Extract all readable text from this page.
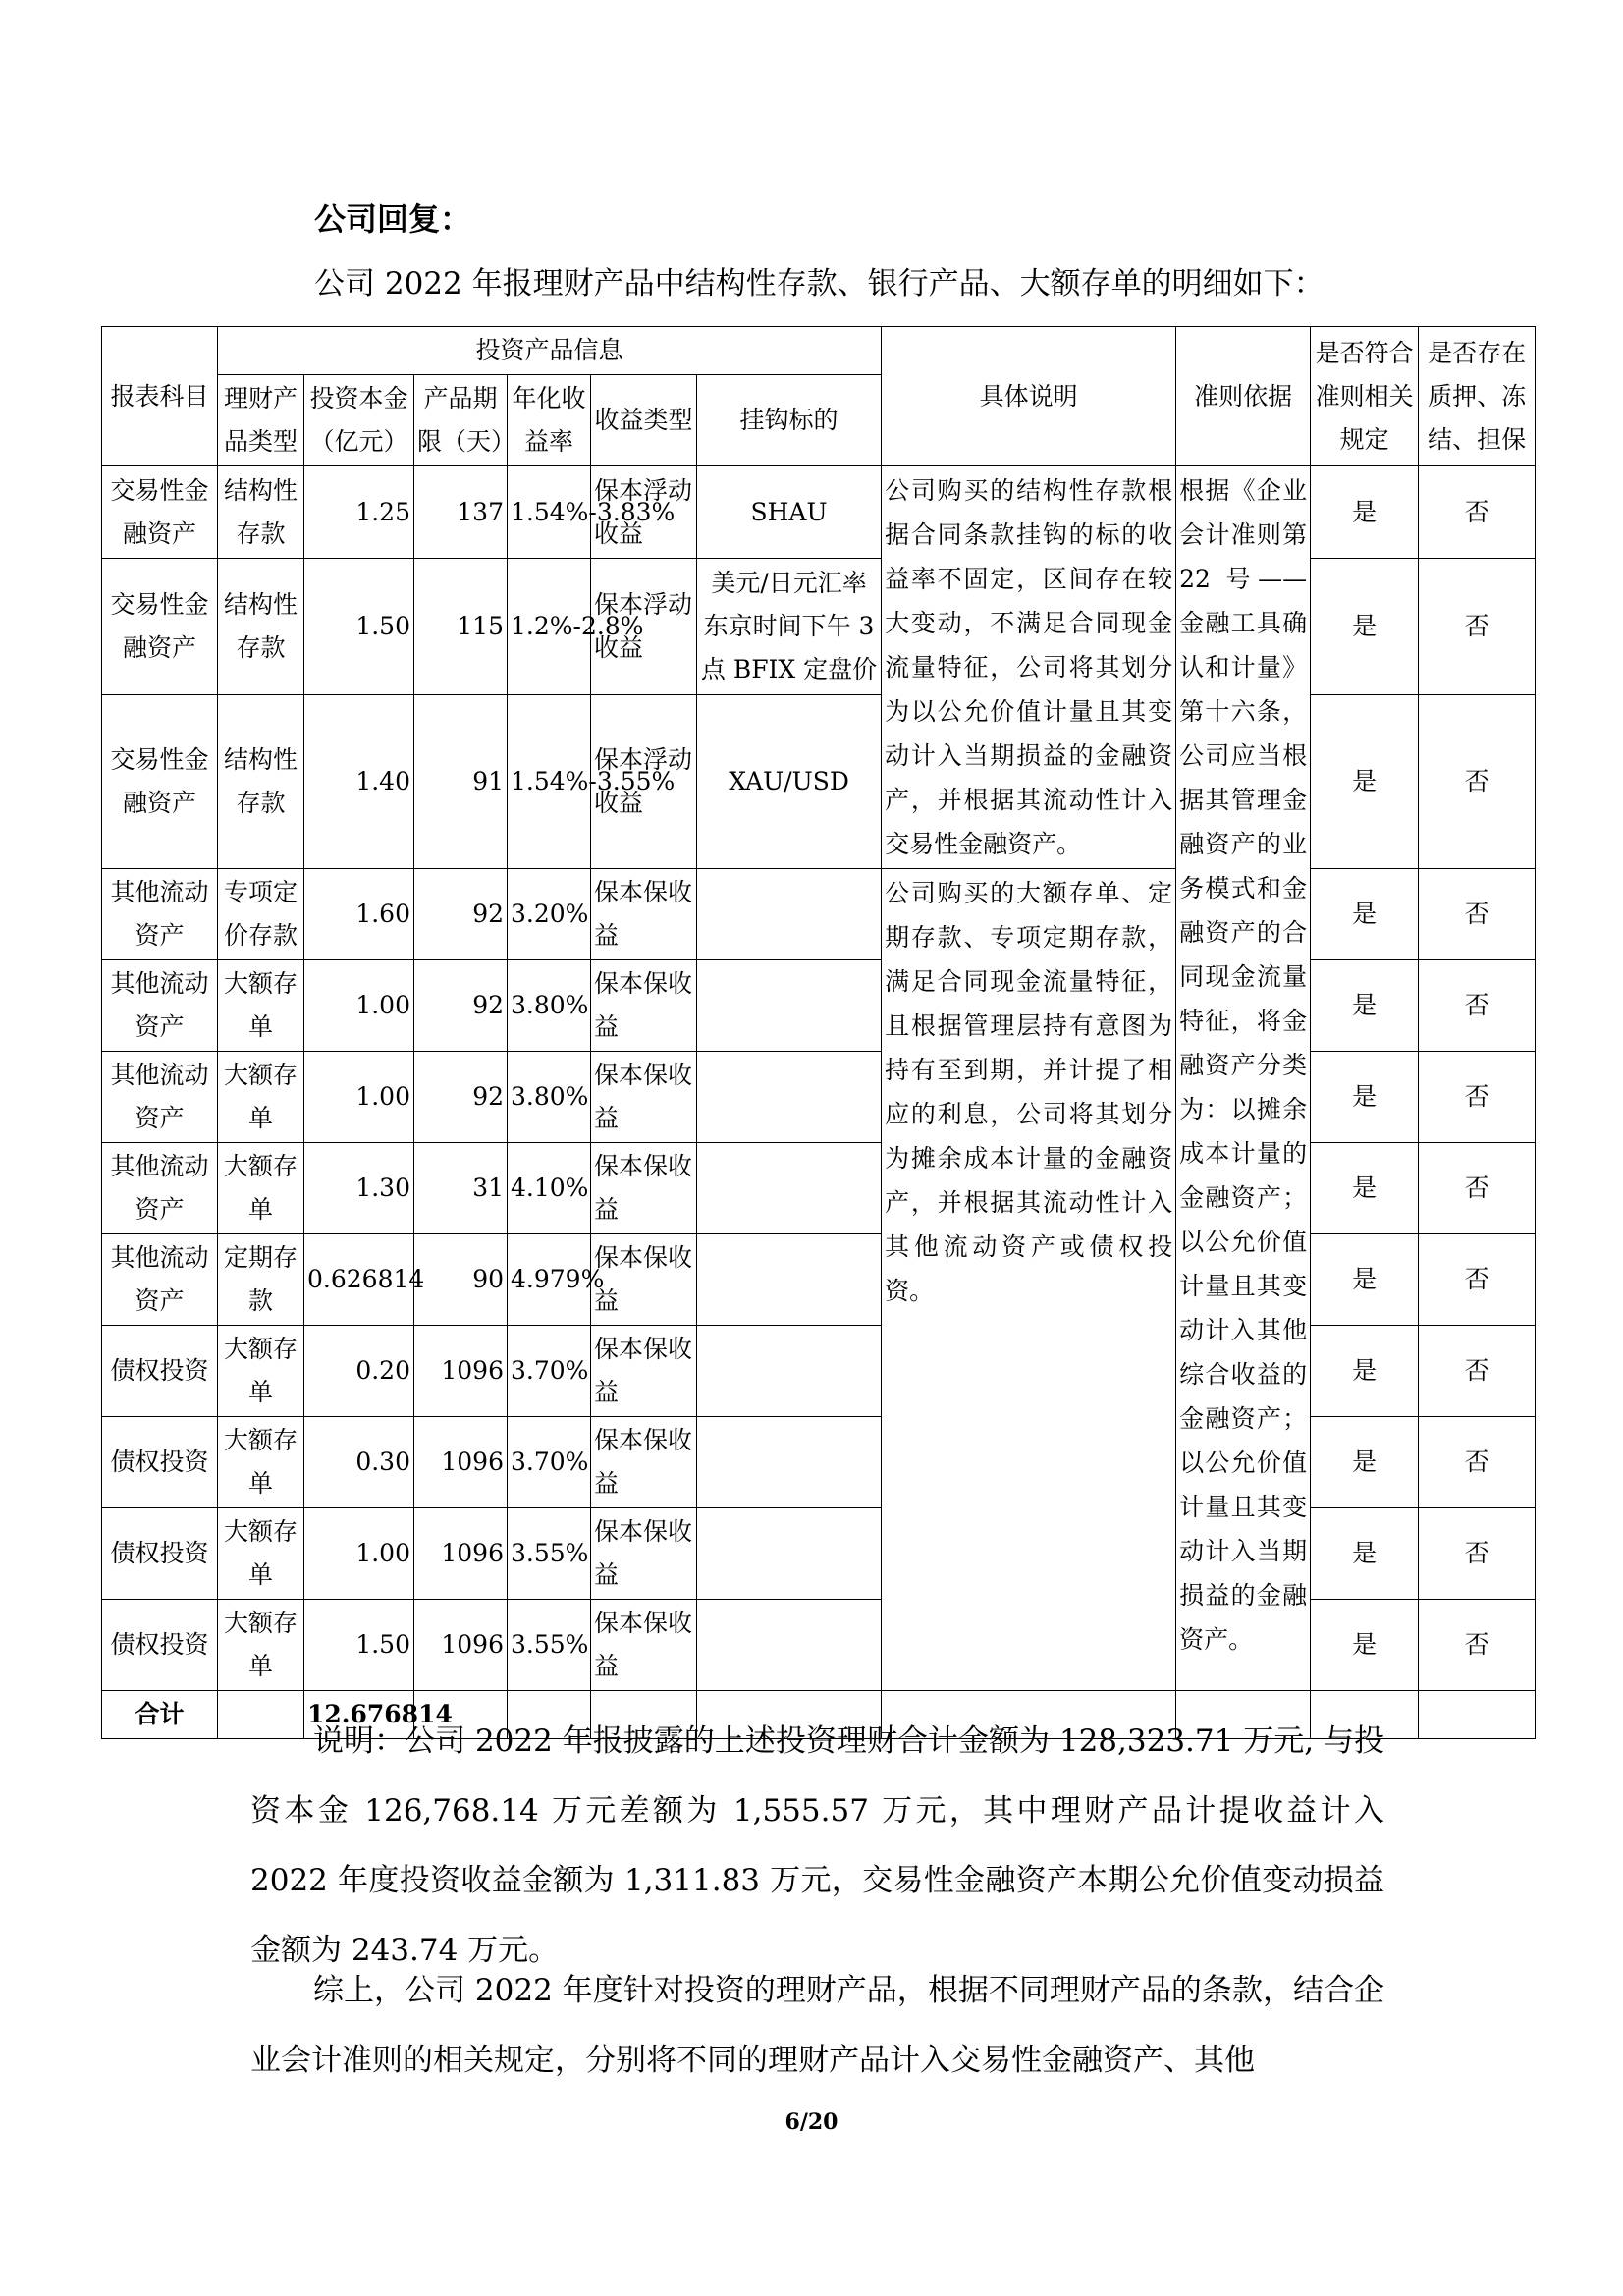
公司回复：
公司 2022 年报理财产品中结构性存款、银行产品、大额存单的明细如下：
报表科目	投资产品信息						具体说明	准则依据	是否符合准则相关规定	是否存在质押、冻结、担保
	理财产品类型	投资本金（亿元）	产品期限（天）	年化收益率	收益类型	挂钩标的				
交易性金融资产	结构性存款	1.25	137	1.54%-3.83%	保本浮动收益	SHAU	公司购买的结构性存款根据合同条款挂钩的标的收益率不固定，区间存在较大变动，不满足合同现金流量特征，公司将其划分为以公允价值计量且其变动计入当期损益的金融资产，并根据其流动性计入交易性金融资产。	根据《企业会计准则第 22 号——金融工具确认和计量》第十六条，公司应当根据其管理金融资产的业务模式和金融资产的合同现金流量特征，将金融资产分类为：以摊余成本计量的金融资产；以公允价值计量且其变动计入其他综合收益的金融资产；以公允价值计量且其变动计入当期损益的金融资产。	是	否
交易性金融资产	结构性存款	1.50	115	1.2%-2.8%	保本浮动收益	美元/日元汇率东京时间下午 3 点 BFIX 定盘价			是	否
交易性金融资产	结构性存款	1.40	91	1.54%-3.55%	保本浮动收益	XAU/USD			是	否
其他流动资产	专项定价存款	1.60	92	3.20%	保本保收益		公司购买的大额存单、定期存款、专项定期存款，满足合同现金流量特征，且根据管理层持有意图为持有至到期，并计提了相应的利息，公司将其划分为摊余成本计量的金融资产，并根据其流动性计入其他流动资产或债权投资。		是	否
其他流动资产	大额存单	1.00	92	3.80%	保本保收益				是	否
其他流动资产	大额存单	1.00	92	3.80%	保本保收益				是	否
其他流动资产	大额存单	1.30	31	4.10%	保本保收益				是	否
其他流动资产	定期存款	0.626814	90	4.979%	保本保收益				是	否
债权投资	大额存单	0.20	1096	3.70%	保本保收益				是	否
债权投资	大额存单	0.30	1096	3.70%	保本保收益				是	否
债权投资	大额存单	1.00	1096	3.55%	保本保收益				是	否
债权投资	大额存单	1.50	1096	3.55%	保本保收益				是	否
合计		12.676814								
说明：公司 2022 年报披露的上述投资理财合计金额为 128,323.71 万元, 与投资本金 126,768.14 万元差额为 1,555.57 万元，其中理财产品计提收益计入 2022 年度投资收益金额为 1,311.83 万元，交易性金融资产本期公允价值变动损益金额为 243.74 万元。
综上，公司 2022 年度针对投资的理财产品，根据不同理财产品的条款，结合企业会计准则的相关规定，分别将不同的理财产品计入交易性金融资产、其他
6/20
